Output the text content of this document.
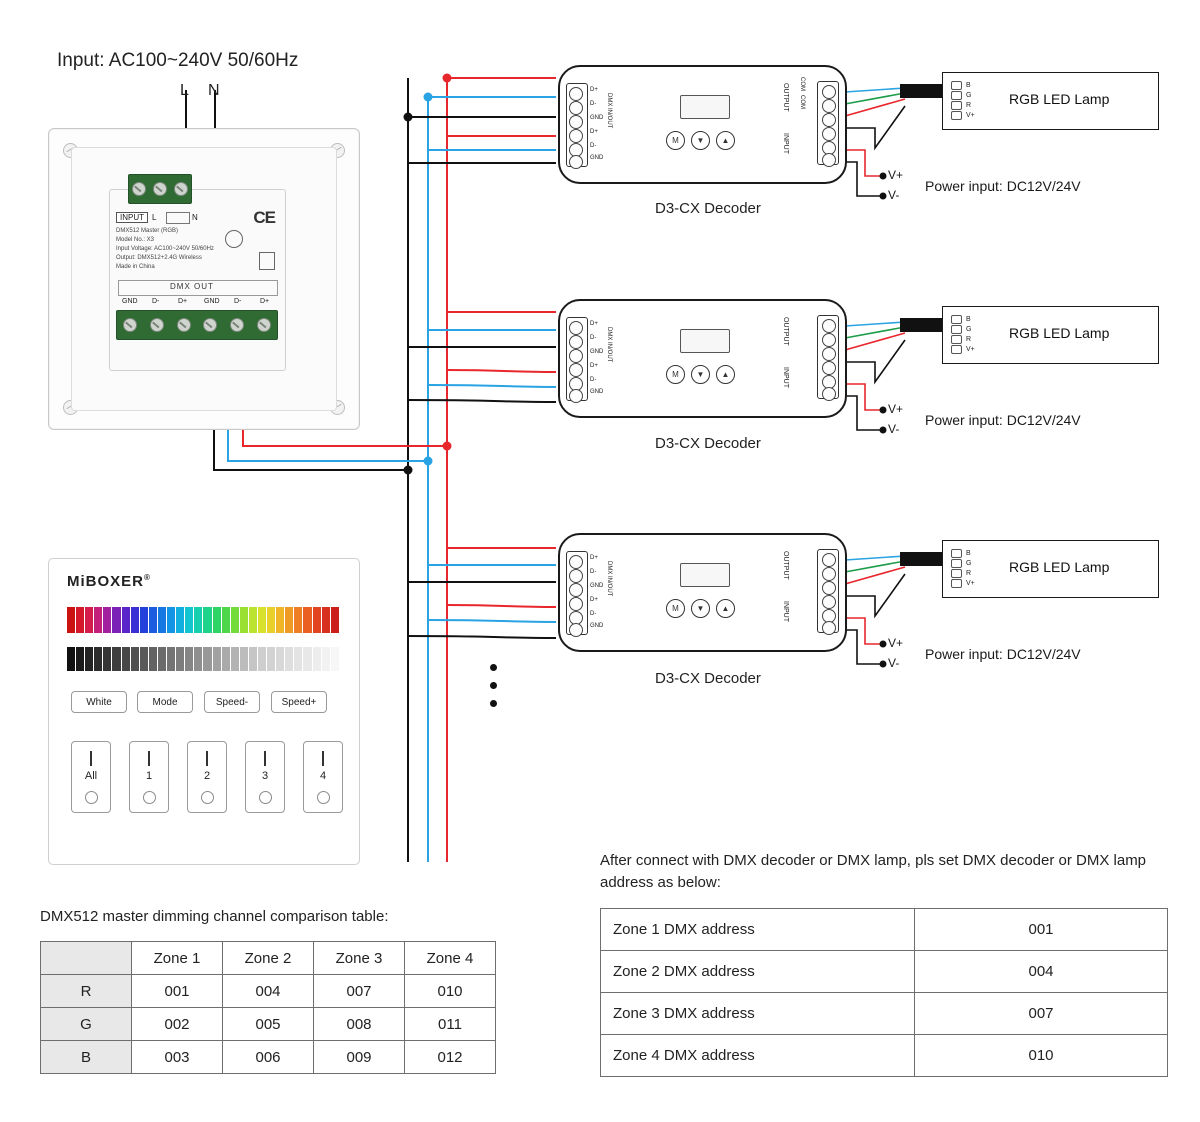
Input: AC100~240V 50/60Hz
L N
INPUT	L	N	CE
DMX512 Master (RGB)
Model No.: X3
Input Voltage: AC100~240V 50/60Hz
Output: DMX512+2.4G Wireless
Made in China
DMX OUT
GND D-	D+ GND D-	D+
MiBOXER®
White	Mode	Speed-	Speed+
All	1	2	3	4
D+
D-
GND
D+
D-
GND
DMX IN/OUT
M	▼	▲
OUTPUT
INPUT
COM
COM
D3-CX Decoder
V+
V-
Power input: DC12V/24V
B
G
R
V+
RGB LED Lamp
D+
D-
GND
D+
D-
GND
DMX IN/OUT
M	▼	▲
OUTPUT
INPUT
D3-CX Decoder
V+
V-
Power input: DC12V/24V
B
G
R
V+
RGB LED Lamp
D+
D-
GND
D+
D-
GND
DMX IN/OUT
M	▼	▲
OUTPUT
INPUT
D3-CX Decoder
V+
V-
Power input: DC12V/24V
B
G
R
V+
RGB LED Lamp
DMX512 master dimming channel comparison table:
	Zone 1	Zone 2	Zone 3	Zone 4
R	001	004	007	010
G	002	005	008	011
B	003	006	009	012
After connect with DMX decoder or DMX lamp, pls set DMX decoder or DMX lamp address as below:
Zone 1 DMX address	001
Zone 2 DMX address	004
Zone 3 DMX address	007
Zone 4 DMX address	010
